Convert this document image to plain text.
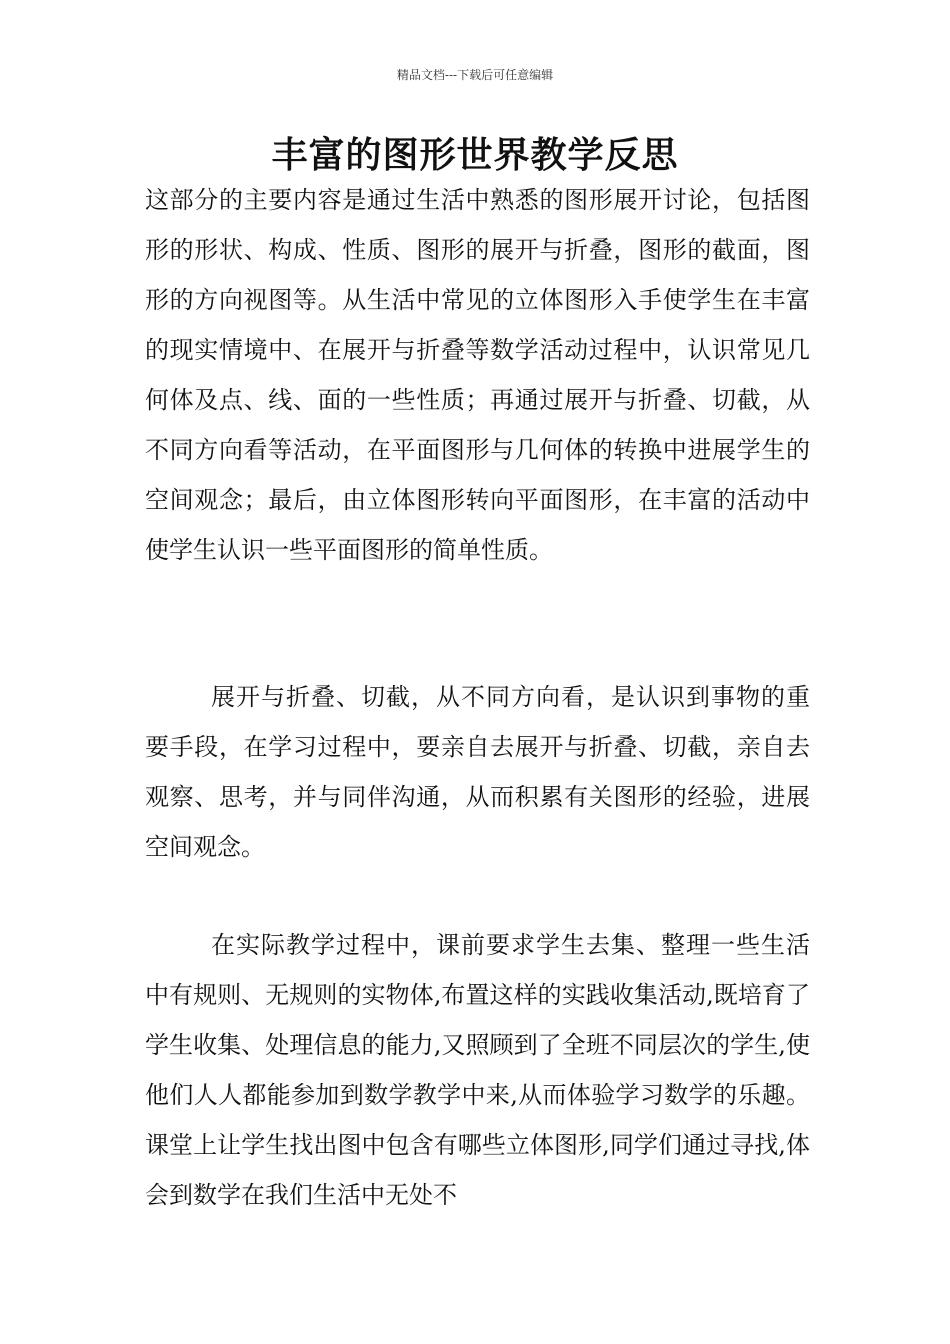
精品文档---下载后可任意编辑
丰富的图形世界教学反思

这部分的主要内容是通过生活中熟悉的图形展开讨论，包括图形的形状、构成、性质、图形的展开与折叠，图形的截面，图形的方向视图等。从生活中常见的立体图形入手使学生在丰富的现实情境中、在展开与折叠等数学活动过程中，认识常见几何体及点、线、面的一些性质；再通过展开与折叠、切截，从不同方向看等活动，在平面图形与几何体的转换中进展学生的空间观念；最后，由立体图形转向平面图形，在丰富的活动中使学生认识一些平面图形的简单性质。

展开与折叠、切截，从不同方向看，是认识到事物的重要手段，在学习过程中，要亲自去展开与折叠、切截，亲自去观察、思考，并与同伴沟通，从而积累有关图形的经验，进展空间观念。

在实际教学过程中，课前要求学生去集、整理一些生活中有规则、无规则的实物体,布置这样的实践收集活动,既培育了学生收集、处理信息的能力,又照顾到了全班不同层次的学生,使他们人人都能参加到数学教学中来,从而体验学习数学的乐趣。课堂上让学生找出图中包含有哪些立体图形,同学们通过寻找,体会到数学在我们生活中无处不
